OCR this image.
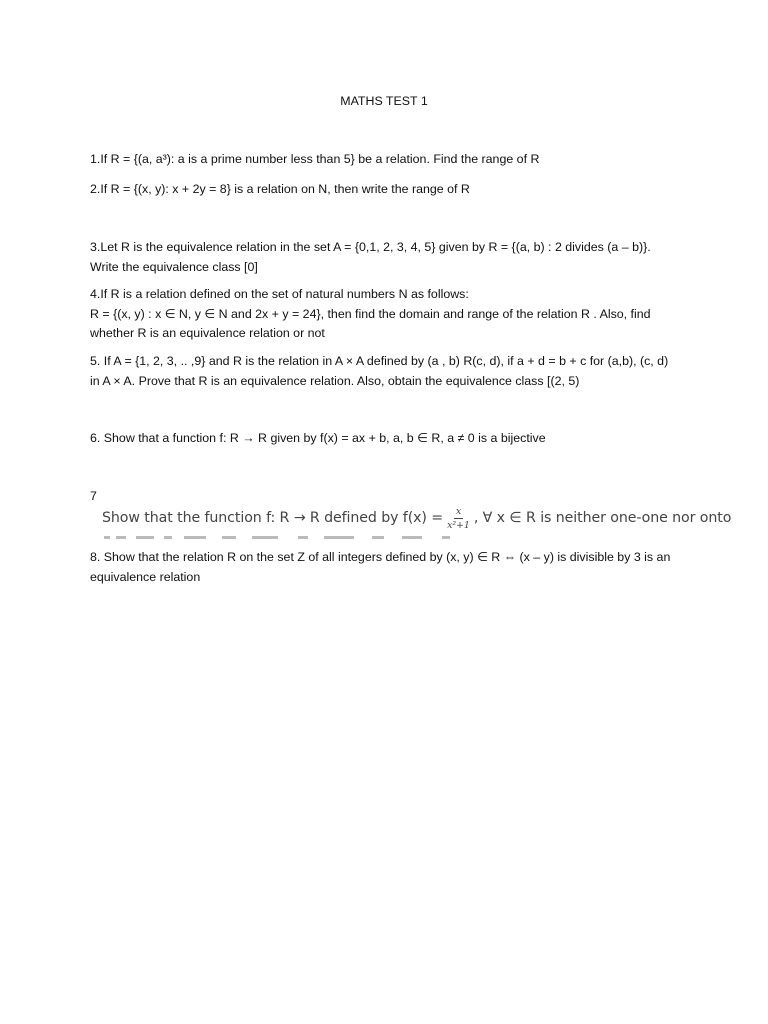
MATHS TEST 1

1.If R = {(a, a³): a is a prime number less than 5} be a relation. Find the range of R

2.If R = {(x, y): x + 2y = 8} is a relation on N, then write the range of R

3.Let R is the equivalence relation in the set A = {0,1, 2, 3, 4, 5} given by R = {(a, b) : 2 divides (a – b)}.

Write the equivalence class [0]

4.If R is a relation defined on the set of natural numbers N as follows:

R = {(x, y) : x ∈ N, y ∈ N and 2x + y = 24}, then find the domain and range of the relation R . Also, find

whether R is an equivalence relation or not

5. If A = {1, 2, 3, .. ,9} and R is the relation in A × A defined by (a , b) R(c, d), if a + d = b + c for (a,b), (c, d)

in A × A. Prove that R is an equivalence relation. Also, obtain the equivalence class [(2, 5)

6. Show that a function f: R → R given by f(x) = ax + b, a, b ∈ R, a ≠ 0 is a bijective

7

Show that the function f: R → R defined by $f(x) = \frac{x}{\text{x²+1}}$ , ∀ x ∈ R is neither one-one nor onto

8. Show that the relation R on the set Z of all integers defined by (x, y) ∈ R ⇔ (x – y) is divisible by 3 is an

equivalence relation
